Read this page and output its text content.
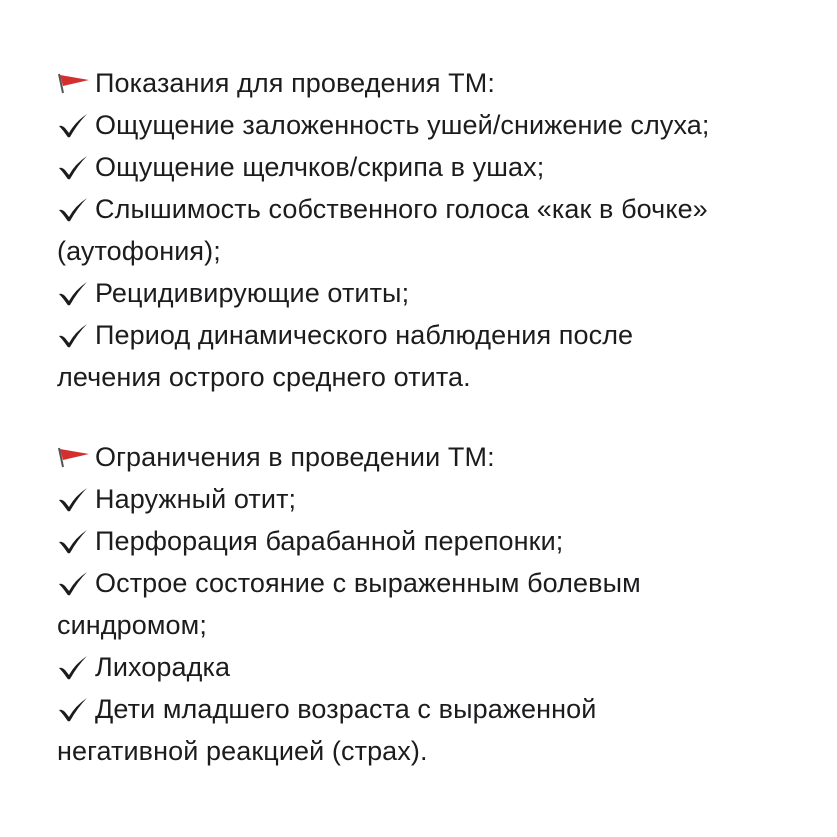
Показания для проведения ТМ:
Ощущение заложенность ушей/снижение слуха;
Ощущение щелчков/скрипа в ушах;
Слышимость собственного голоса «как в бочке»
(аутофония);
Рецидивирующие отиты;
Период динамического наблюдения после
лечения острого среднего отита.
Ограничения в проведении ТМ:
Наружный отит;
Перфорация барабанной перепонки;
Острое состояние с выраженным болевым
синдромом;
Лихорадка
Дети младшего возраста с выраженной
негативной реакцией (страх).
